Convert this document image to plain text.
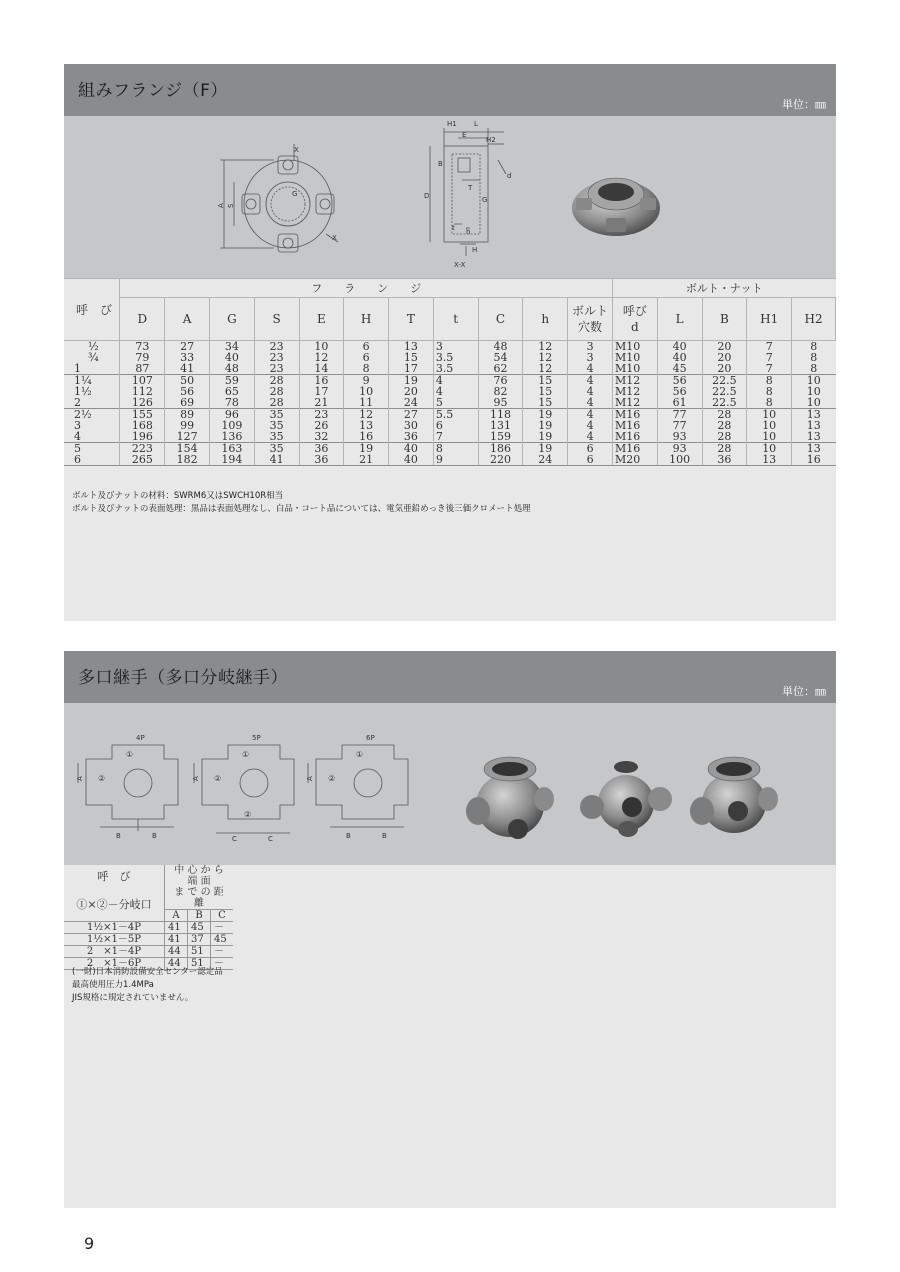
組みフランジ（F）
単位：㎜
X
X
A S
G
H1 L
E
H2
B
d
T
D	G
t h
H
X-X
呼　び	フ　　ラ　　ン　　ジ											ボルト・ナット				
	D	A	G	S	E	H	T	t	C	h	ボルト
穴数	呼び
d	L	B	H1	H2
½	73	27	34	23	10	6	13	3	48	12	3	M10	40	20	7	8
¾	79	33	40	23	12	6	15	3.5	54	12	3	M10	40	20	7	8
1	87	41	48	23	14	8	17	3.5	62	12	4	M10	45	20	7	8
1¼	107	50	59	28	16	9	19	4	76	15	4	M12	56	22.5	8	10
1½	112	56	65	28	17	10	20	4	82	15	4	M12	56	22.5	8	10
2	126	69	78	28	21	11	24	5	95	15	4	M12	61	22.5	8	10
2½	155	89	96	35	23	12	27	5.5	118	19	4	M16	77	28	10	13
3	168	99	109	35	26	13	30	6	131	19	4	M16	77	28	10	13
4	196	127	136	35	32	16	36	7	159	19	4	M16	93	28	10	13
5	223	154	163	35	36	19	40	8	186	19	6	M16	93	28	10	13
6	265	182	194	41	36	21	40	9	220	24	6	M20	100	36	13	16
ボルト及びナットの材料：SWRM6又はSWCH10R相当
ボルト及びナットの表面処理：黒品は表面処理なし、白品・コート品については、電気亜鉛めっき後三価クロメート処理
多口継手（多口分岐継手）
単位：㎜
4P
①
②
A
B	B
5P
①
②
②
A
C	C
6P
①
②
A
B	B
呼　び	中 心 か ら 端 面		
①×②－分岐口	ま で の 距 離		
	A	B	C
1½×1－4P	41	45	－
1½×1－5P	41	37	45
2　×1－4P	44	51	－
2　×1－6P	44	51	－
(一財)日本消防設備安全センター認定品
最高使用圧力1.4MPa
JIS規格に規定されていません。
9
